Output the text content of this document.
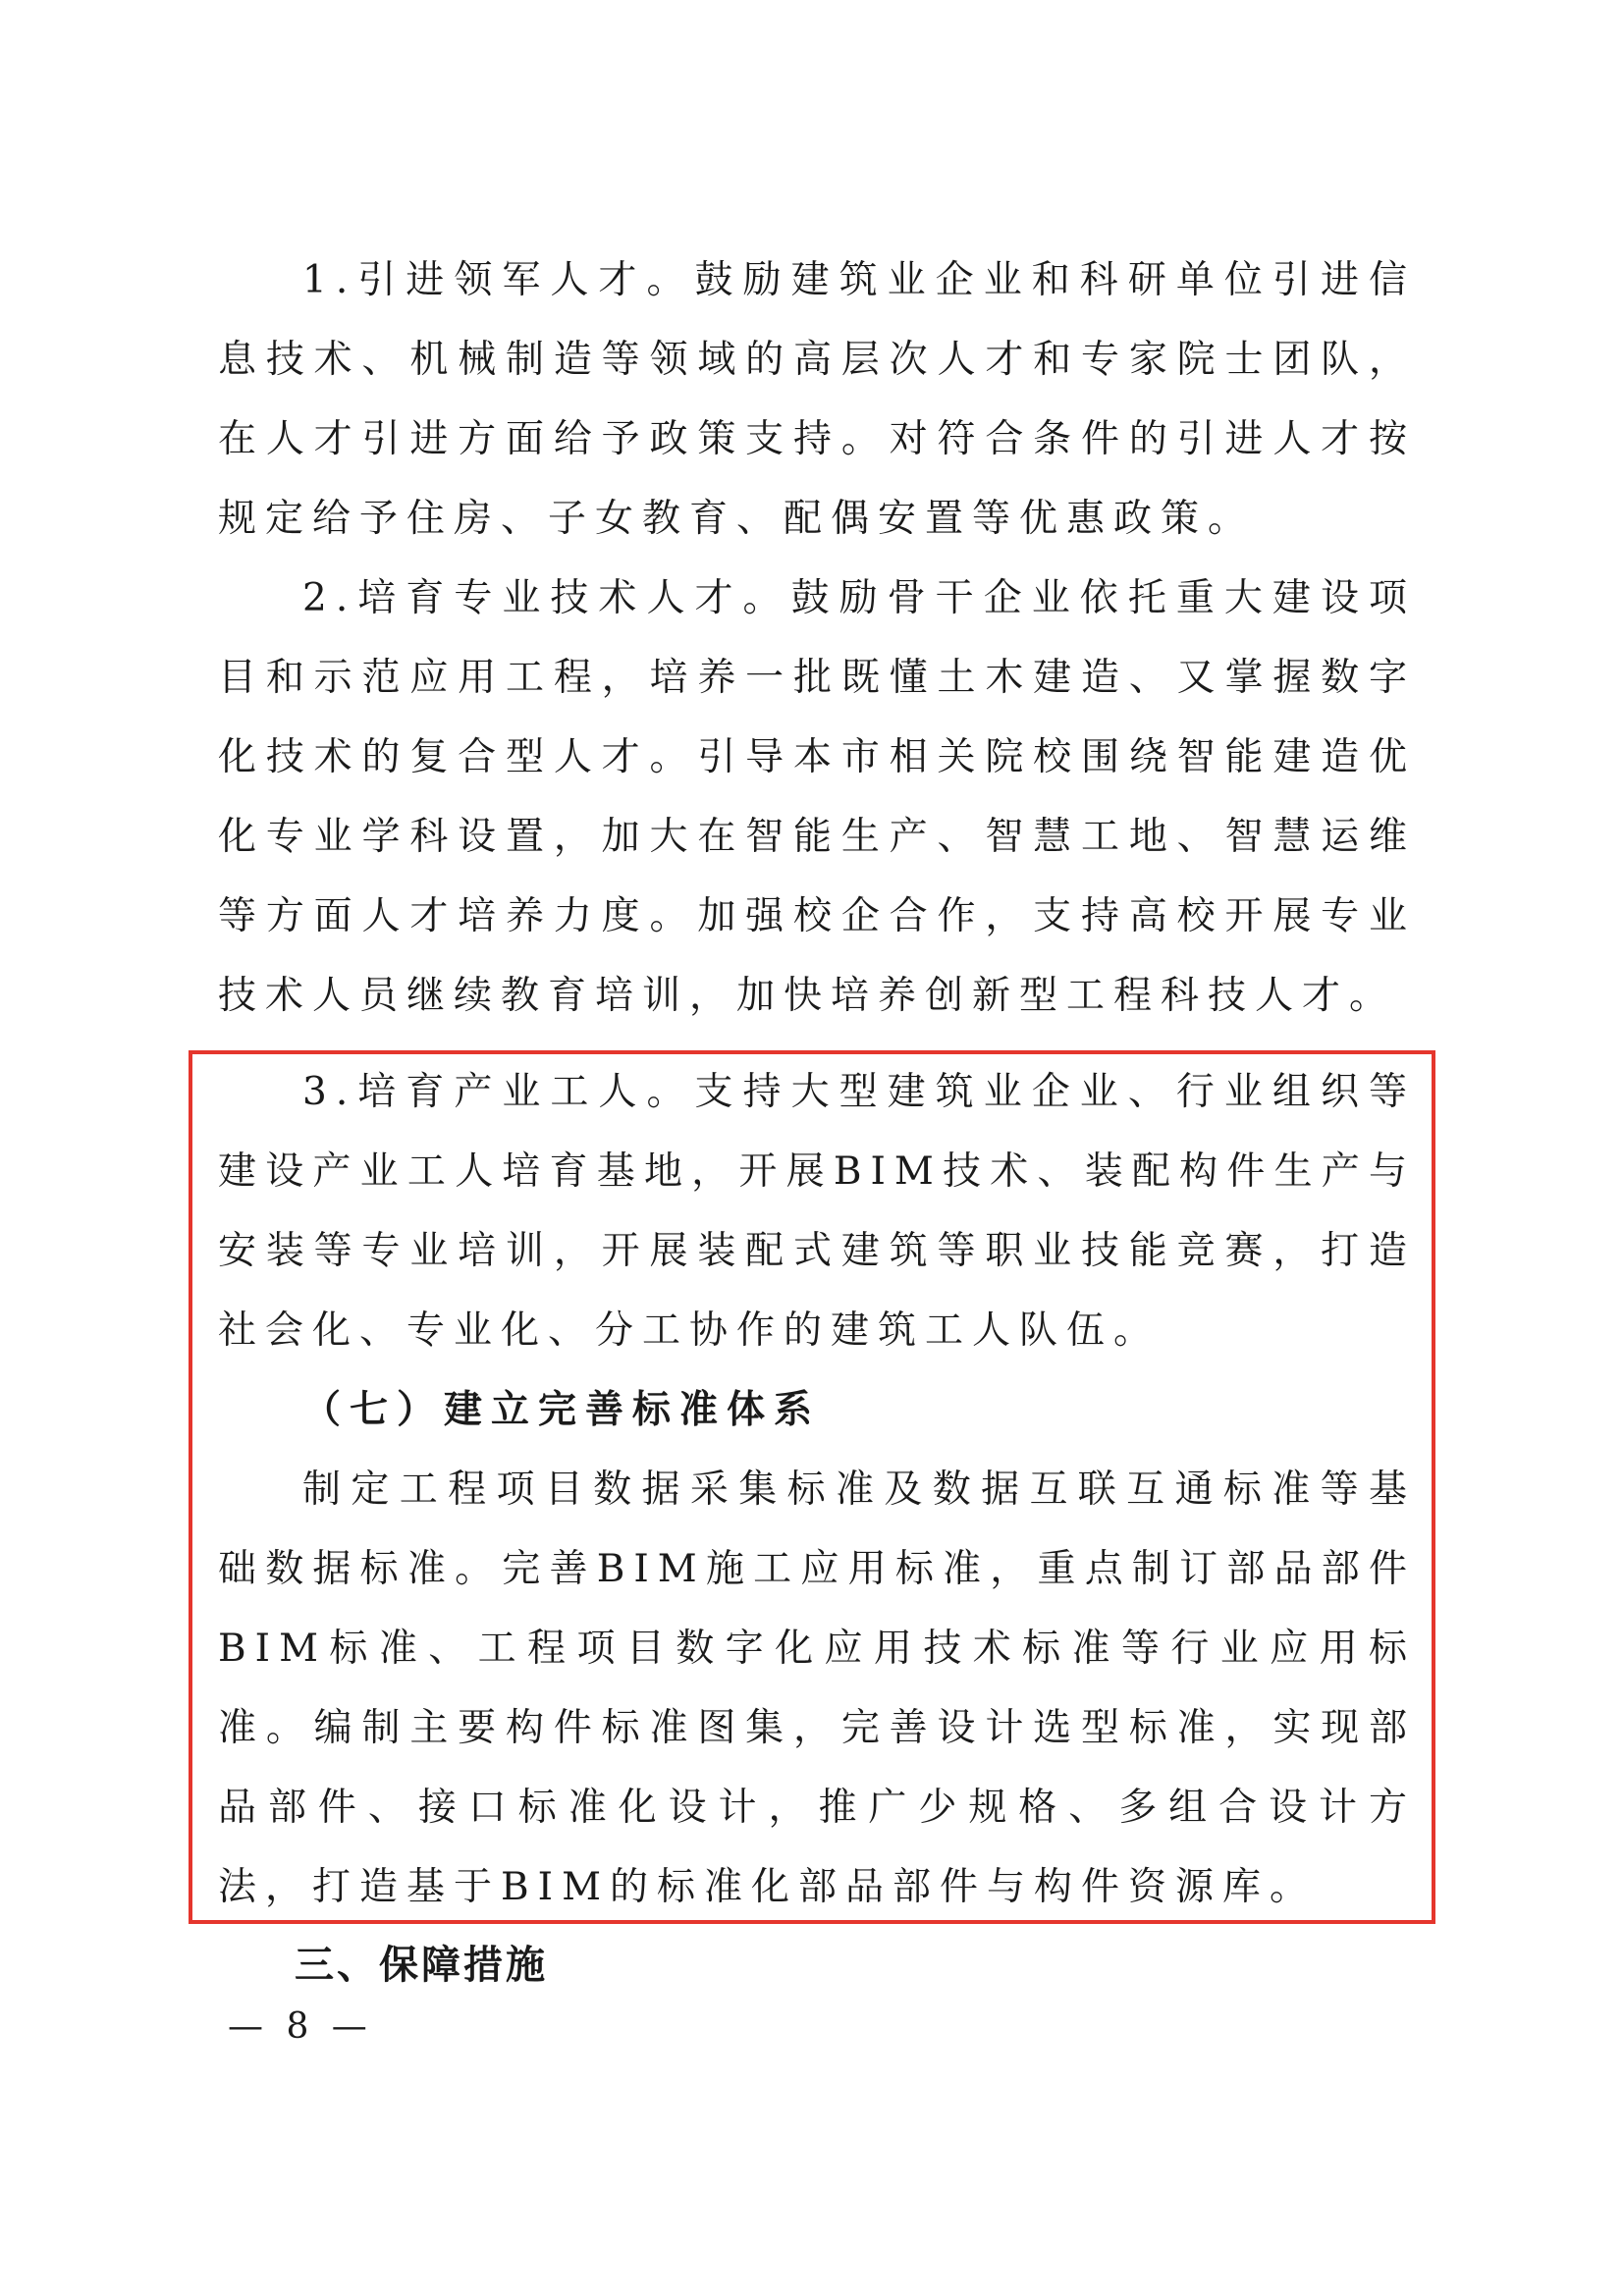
1.引进领军人才。鼓励建筑业企业和科研单位引进信息技术、机械制造等领域的高层次人才和专家院士团队，在人才引进方面给予政策支持。对符合条件的引进人才按规定给予住房、子女教育、配偶安置等优惠政策。

2.培育专业技术人才。鼓励骨干企业依托重大建设项目和示范应用工程，培养一批既懂土木建造、又掌握数字化技术的复合型人才。引导本市相关院校围绕智能建造优化专业学科设置，加大在智能生产、智慧工地、智慧运维等方面人才培养力度。加强校企合作，支持高校开展专业技术人员继续教育培训，加快培养创新型工程科技人才。

3.培育产业工人。支持大型建筑业企业、行业组织等建设产业工人培育基地，开展BIM技术、装配构件生产与安装等专业培训，开展装配式建筑等职业技能竞赛，打造社会化、专业化、分工协作的建筑工人队伍。

（七）建立完善标准体系

制定工程项目数据采集标准及数据互联互通标准等基础数据标准。完善BIM施工应用标准，重点制订部品部件BIM标准、工程项目数字化应用技术标准等行业应用标准。编制主要构件标准图集，完善设计选型标准，实现部品部件、接口标准化设计，推广少规格、多组合设计方法，打造基于BIM的标准化部品部件与构件资源库。

三、保障措施

— 8 —
